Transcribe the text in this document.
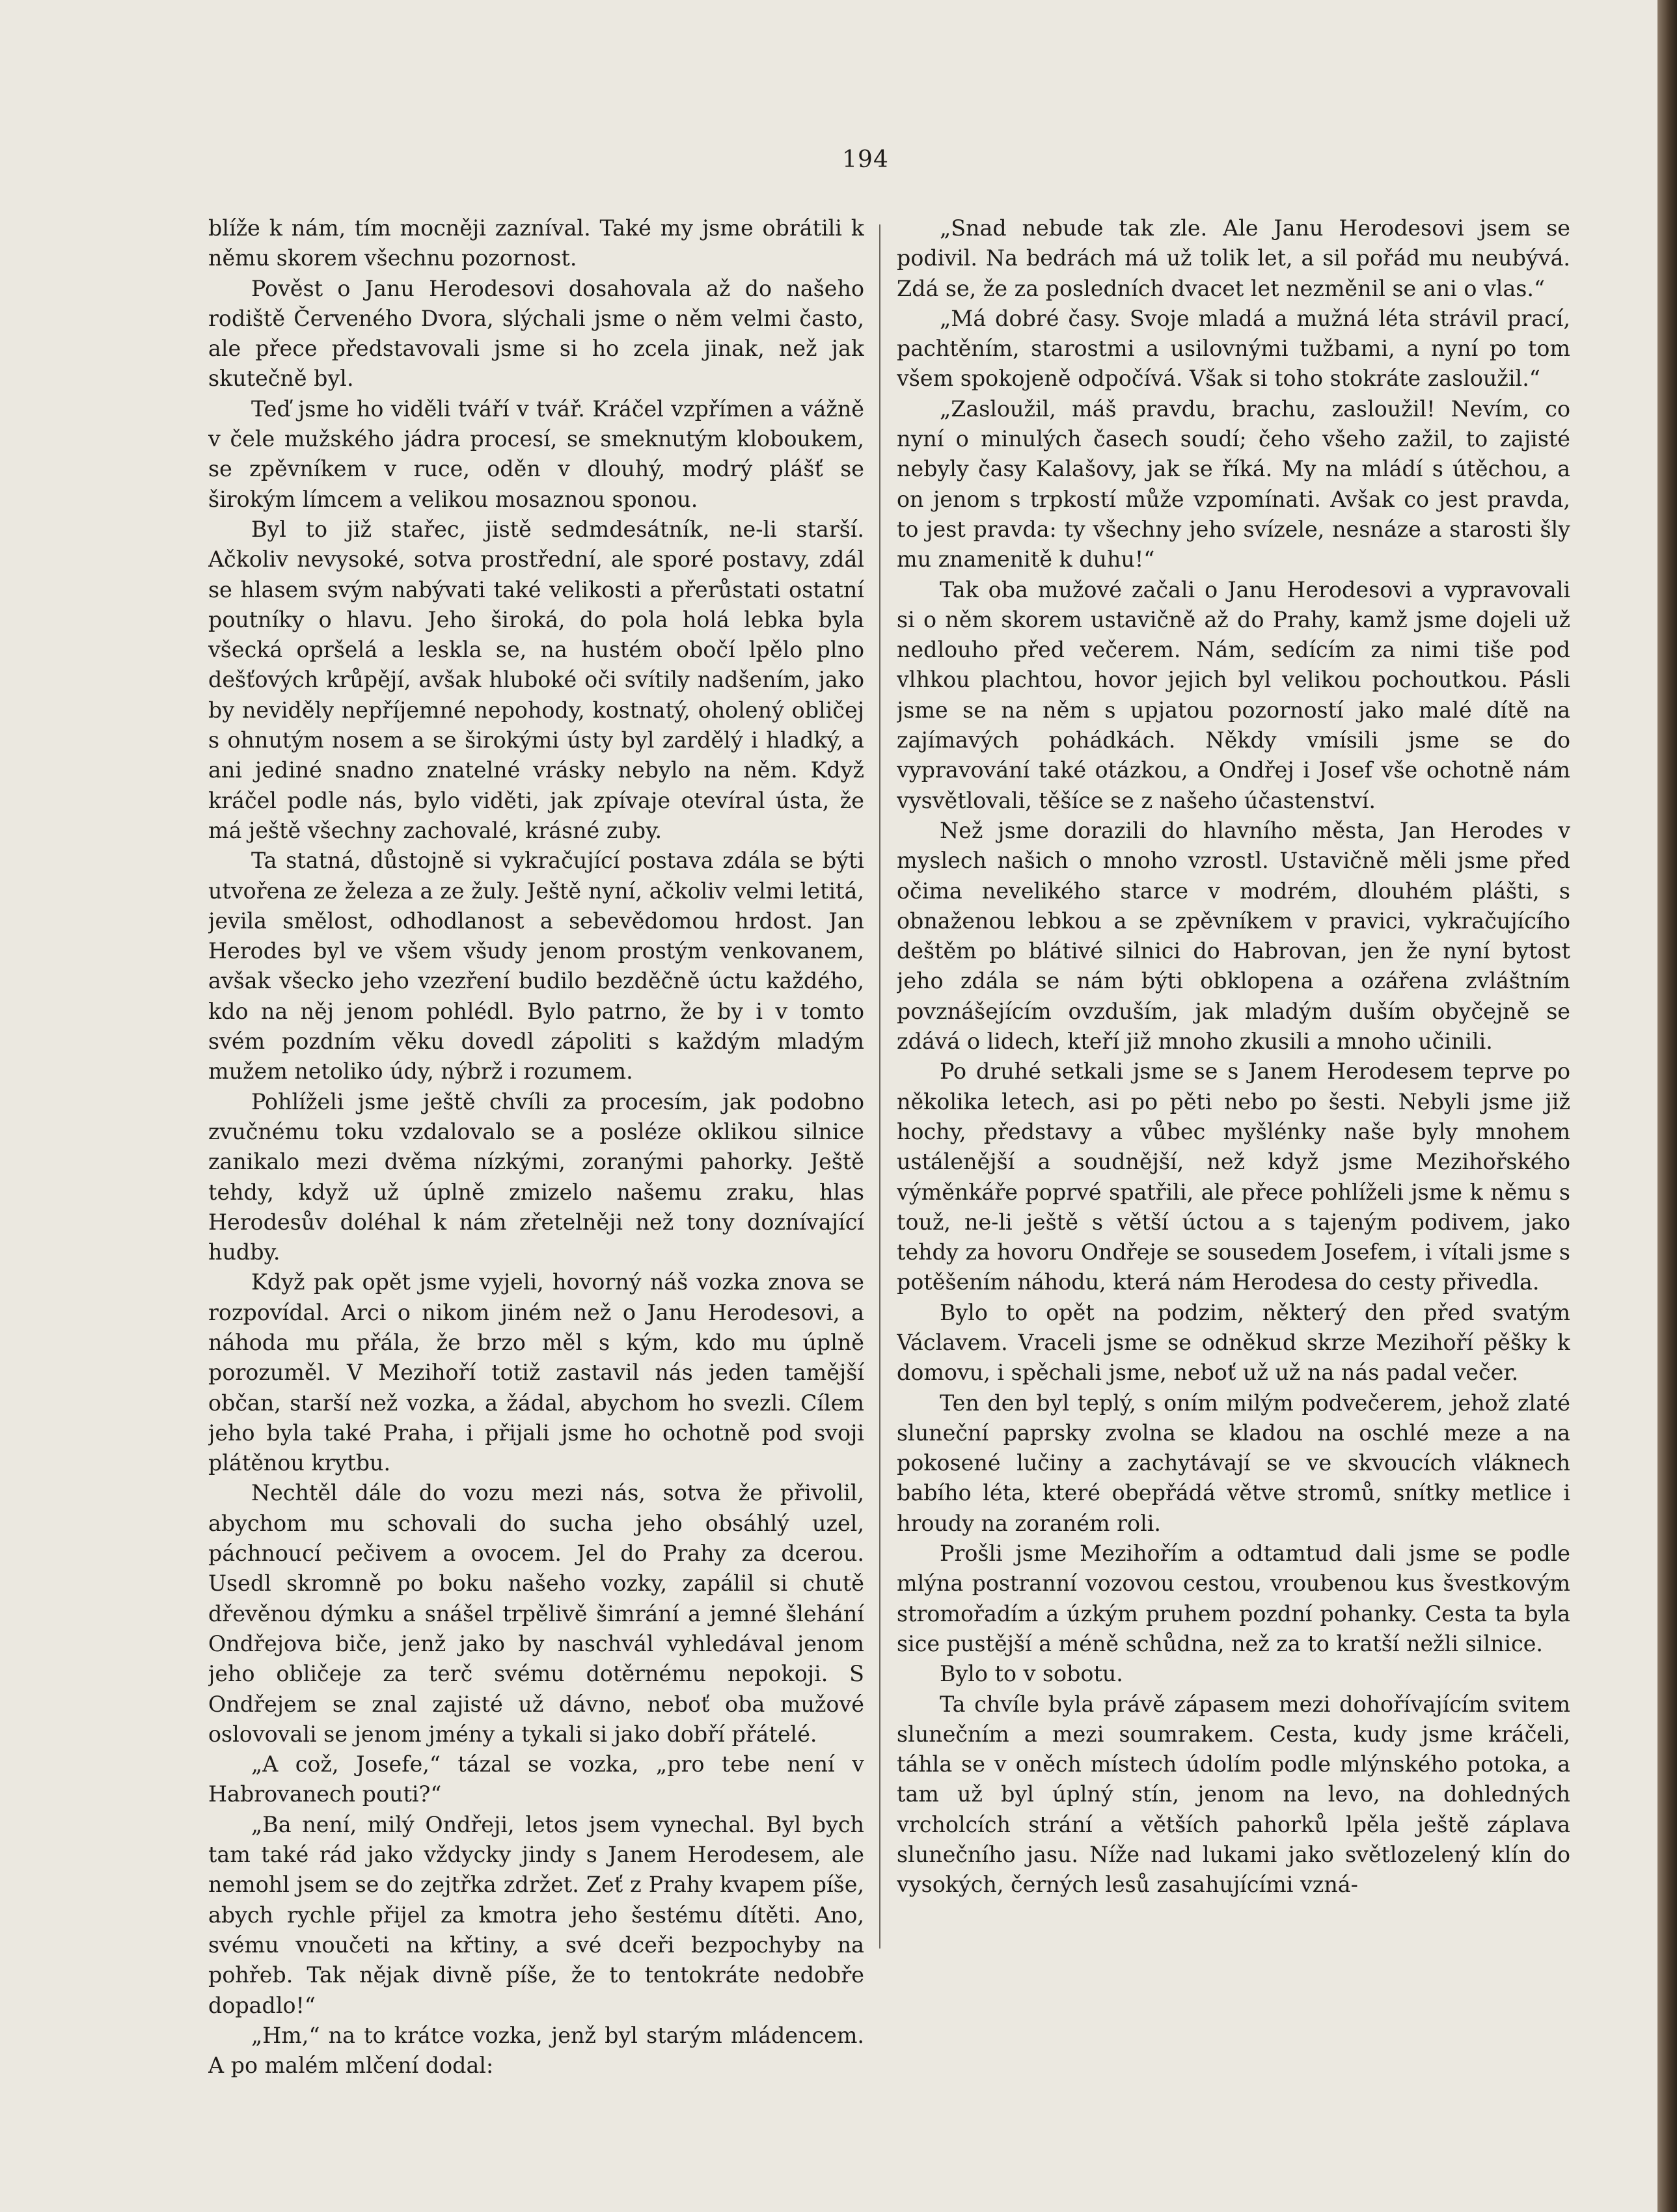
194

blíže k nám, tím mocněji zazníval. Také my jsme obrátili k němu skorem všechnu pozornost.

Pověst o Janu Herodesovi dosahovala až do našeho rodiště Červeného Dvora, slýchali jsme o něm velmi často, ale přece představovali jsme si ho zcela jinak, než jak skutečně byl.

Teď jsme ho viděli tváří v tvář. Kráčel vzpřímen a vážně v čele mužského jádra procesí, se smeknutým kloboukem, se zpěvníkem v ruce, oděn v dlouhý, modrý plášť se širokým límcem a velikou mosaznou sponou.

Byl to již stařec, jistě sedmdesátník, ne-li starší. Ačkoliv nevysoké, sotva prostřední, ale sporé postavy, zdál se hlasem svým nabývati také velikosti a přerůstati ostatní poutníky o hlavu. Jeho široká, do pola holá lebka byla všecká opršelá a leskla se, na hustém obočí lpělo plno dešťových krůpějí, avšak hluboké oči svítily nadšením, jako by neviděly nepříjemné nepohody, kostnatý, oholený obličej s ohnutým nosem a se širokými ústy byl zardělý i hladký, a ani jediné snadno znatelné vrásky nebylo na něm. Když kráčel podle nás, bylo viděti, jak zpívaje otevíral ústa, že má ještě všechny zachovalé, krásné zuby.

Ta statná, důstojně si vykračující postava zdála se býti utvořena ze železa a ze žuly. Ještě nyní, ačkoliv velmi letitá, jevila smělost, odhodlanost a sebevědomou hrdost. Jan Herodes byl ve všem všudy jenom prostým venkovanem, avšak všecko jeho vzezření budilo bezděčně úctu každého, kdo na něj jenom pohlédl. Bylo patrno, že by i v tomto svém pozdním věku dovedl zápoliti s každým mladým mužem netoliko údy, nýbrž i rozumem.

Pohlíželi jsme ještě chvíli za procesím, jak podobno zvučnému toku vzdalovalo se a posléze oklikou silnice zanikalo mezi dvěma nízkými, zoranými pahorky. Ještě tehdy, když už úplně zmizelo našemu zraku, hlas Herodesův doléhal k nám zřetelněji než tony doznívající hudby.

Když pak opět jsme vyjeli, hovorný náš vozka znova se rozpovídal. Arci o nikom jiném než o Janu Herodesovi, a náhoda mu přála, že brzo měl s kým, kdo mu úplně porozuměl. V Mezihoří totiž zastavil nás jeden tamější občan, starší než vozka, a žádal, abychom ho svezli. Cílem jeho byla také Praha, i přijali jsme ho ochotně pod svoji plátěnou krytbu.

Nechtěl dále do vozu mezi nás, sotva že přivolil, abychom mu schovali do sucha jeho obsáhlý uzel, páchnoucí pečivem a ovocem. Jel do Prahy za dcerou. Usedl skromně po boku našeho vozky, zapálil si chutě dřevěnou dýmku a snášel trpělivě šimrání a jemné šlehání Ondřejova biče, jenž jako by naschvál vyhledával jenom jeho obličeje za terč svému dotěrnému nepokoji. S Ondřejem se znal zajisté už dávno, neboť oba mužové oslovovali se jenom jmény a tykali si jako dobří přátelé.

„A což, Josefe,“ tázal se vozka, „pro tebe není v Habrovanech pouti?“

„Ba není, milý Ondřeji, letos jsem vynechal. Byl bych tam také rád jako vždycky jindy s Janem Herodesem, ale nemohl jsem se do zejtřka zdržet. Zeť z Prahy kvapem píše, abych rychle přijel za kmotra jeho šestému dítěti. Ano, svému vnoučeti na křtiny, a své dceři bezpochyby na pohřeb. Tak nějak divně píše, že to tentokráte nedobře dopadlo!“

„Hm,“ na to krátce vozka, jenž byl starým mládencem. A po malém mlčení dodal:

„Snad nebude tak zle. Ale Janu Herodesovi jsem se podivil. Na bedrách má už tolik let, a sil pořád mu neubývá. Zdá se, že za posledních dvacet let nezměnil se ani o vlas.“

„Má dobré časy. Svoje mladá a mužná léta strávil prací, pachtěním, starostmi a usilovnými tužbami, a nyní po tom všem spokojeně odpočívá. Však si toho stokráte zasloužil.“

„Zasloužil, máš pravdu, brachu, zasloužil! Nevím, co nyní o minulých časech soudí; čeho všeho zažil, to zajisté nebyly časy Kalašovy, jak se říká. My na mládí s útěchou, a on jenom s trpkostí může vzpomínati. Avšak co jest pravda, to jest pravda: ty všechny jeho svízele, nesnáze a starosti šly mu znamenitě k duhu!“

Tak oba mužové začali o Janu Herodesovi a vypravovali si o něm skorem ustavičně až do Prahy, kamž jsme dojeli už nedlouho před večerem. Nám, sedícím za nimi tiše pod vlhkou plachtou, hovor jejich byl velikou pochoutkou. Pásli jsme se na něm s upjatou pozorností jako malé dítě na zajímavých pohádkách. Někdy vmísili jsme se do vypravování také otázkou, a Ondřej i Josef vše ochotně nám vysvětlovali, těšíce se z našeho účastenství.

Než jsme dorazili do hlavního města, Jan Herodes v myslech našich o mnoho vzrostl. Ustavičně měli jsme před očima nevelikého starce v modrém, dlouhém plášti, s obnaženou lebkou a se zpěvníkem v pravici, vykračujícího deštěm po blátivé silnici do Habrovan, jen že nyní bytost jeho zdála se nám býti obklopena a ozářena zvláštním povznášejícím ovzduším, jak mladým duším obyčejně se zdává o lidech, kteří již mnoho zkusili a mnoho učinili.

Po druhé setkali jsme se s Janem Herodesem teprve po několika letech, asi po pěti nebo po šesti. Nebyli jsme již hochy, představy a vůbec myšlénky naše byly mnohem ustálenější a soudnější, než když jsme Mezihořského výměnkáře poprvé spatřili, ale přece pohlíželi jsme k němu s touž, ne-li ještě s větší úctou a s tajeným podivem, jako tehdy za hovoru Ondřeje se sousedem Josefem, i vítali jsme s potěšením náhodu, která nám Herodesa do cesty přivedla.

Bylo to opět na podzim, některý den před svatým Václavem. Vraceli jsme se odněkud skrze Mezihoří pěšky k domovu, i spěchali jsme, neboť už už na nás padal večer.

Ten den byl teplý, s oním milým podvečerem, jehož zlaté sluneční paprsky zvolna se kladou na oschlé meze a na pokosené lučiny a zachytávají se ve skvoucích vláknech babího léta, které obepřádá větve stromů, snítky metlice i hroudy na zoraném roli.

Prošli jsme Mezihořím a odtamtud dali jsme se podle mlýna postranní vozovou cestou, vroubenou kus švestkovým stromořadím a úzkým pruhem pozdní pohanky. Cesta ta byla sice pustější a méně schůdna, než za to kratší nežli silnice.

Bylo to v sobotu.

Ta chvíle byla právě zápasem mezi dohořívajícím svitem slunečním a mezi soumrakem. Cesta, kudy jsme kráčeli, táhla se v oněch místech údolím podle mlýnského potoka, a tam už byl úplný stín, jenom na levo, na dohledných vrcholcích strání a větších pahorků lpěla ještě záplava slunečního jasu. Níže nad lukami jako světlozelený klín do vysokých, černých lesů zasahujícími vzná-
